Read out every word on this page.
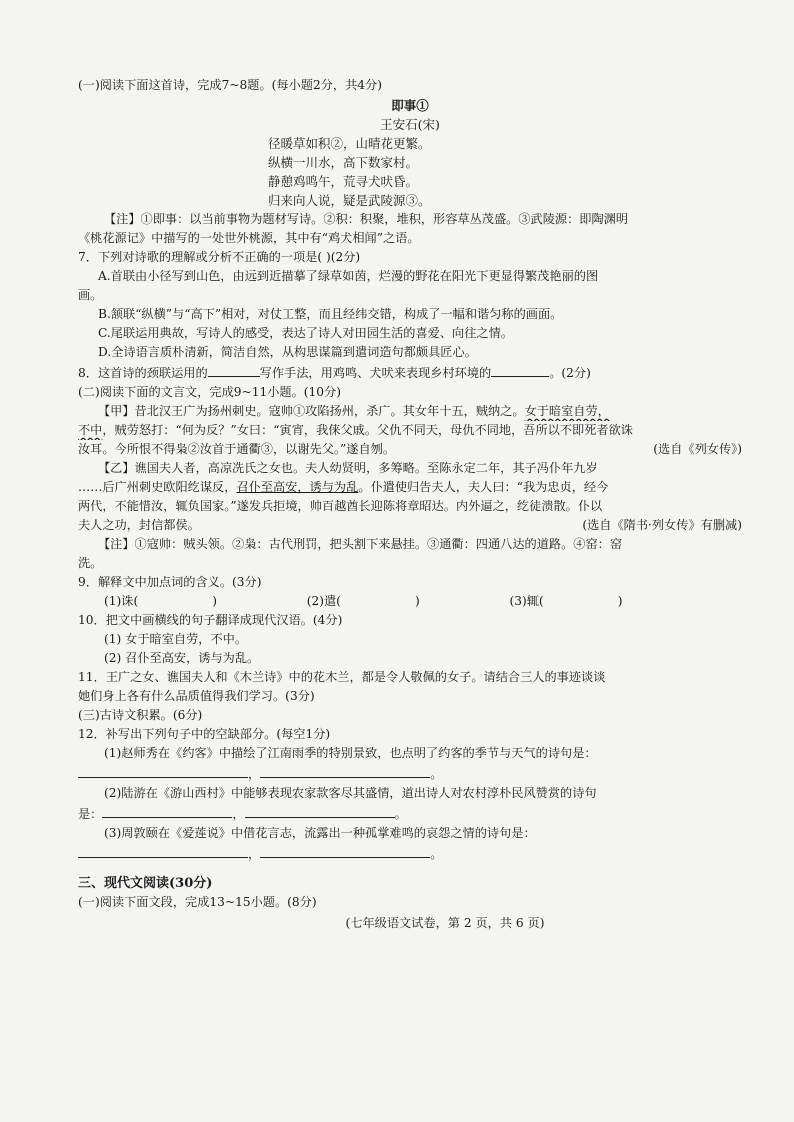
(一)阅读下面这首诗，完成7~8题。(每小题2分，共4分)
即事①
王安石(宋)
径暖草如积②，山晴花更繁。
纵横一川水，高下数家村。
静憩鸡鸣午，荒寻犬吠昏。
归来向人说，疑是武陵源③。
【注】①即事：以当前事物为题材写诗。②积：积聚，堆积，形容草丛茂盛。③武陵源：即陶渊明
《桃花源记》中描写的一处世外桃源，其中有“鸡犬相闻”之语。
7．下列对诗歌的理解或分析不正确的一项是( )(2分)
A.首联由小径写到山色，由远到近描摹了绿草如茵，烂漫的野花在阳光下更显得繁茂艳丽的图
画。
B.颔联“纵横”与“高下”相对，对仗工整，而且经纬交错，构成了一幅和谐匀称的画面。
C.尾联运用典故，写诗人的感受，表达了诗人对田园生活的喜爱、向往之情。
D.全诗语言质朴清新，简洁自然，从构思谋篇到遣词造句都颇具匠心。
8．这首诗的颈联运用的	写作手法，用鸡鸣、犬吠来表现乡村环境的	。(2分)
(二)阅读下面的文言文，完成9~11小题。(10分)
【甲】昔北汉王广为扬州刺史。寇帅①攻陷扬州，杀广。其女年十五，贼纳之。女于暗室自劳，
不中，贼劳怒打：“何为反？”女曰：“寅宵，我俫父戚。父仇不同天，母仇不同地，吾所以不即死者欲诛
汝耳。今所恨不得枭②汝首于通衢③，以谢先父。”遂自刎。	(选自《列女传》)
【乙】谯国夫人者，高凉冼氏之女也。夫人幼贤明，多筹略。至陈永定二年，其子冯仆年九岁
……后广州刺史欧阳纥谋反，召仆至高安，诱与为乱。仆遣使归告夫人，夫人曰：“我为忠贞，经今
两代，不能惜汝，辄负国家。”遂发兵拒境，帅百越酋长迎陈将章昭达。内外逼之，纥徒溃散。仆以
夫人之功，封信都侯。	(选自《隋书·列女传》有删减)
【注】①寇帅：贼头领。②枭：古代刑罚，把头割下来悬挂。③通衢：四通八达的道路。④窑：窑
洗。
9．解释文中加点词的含义。(3分)
(1)诛(	)	(2)遣(	)	(3)辄(	)
10．把文中画横线的句子翻译成现代汉语。(4分)
(1) 女于暗室自劳，不中。
(2) 召仆至高安，诱与为乱。
11．王广之女、谯国夫人和《木兰诗》中的花木兰，都是令人敬佩的女子。请结合三人的事迹谈谈
她们身上各有什么品质值得我们学习。(3分)
(三)古诗文积累。(6分)
12．补写出下列句子中的空缺部分。(每空1分)
(1)赵师秀在《约客》中描绘了江南雨季的特别景致，也点明了约客的季节与天气的诗句是：
，	。
(2)陆游在《游山西村》中能够表现农家款客尽其盛情，道出诗人对农村淳朴民风赞赏的诗句
是：	，	。
(3)周敦颐在《爱莲说》中借花言志，流露出一种孤掌难鸣的哀怨之情的诗句是：
，	。
三、现代文阅读(30分)
(一)阅读下面文段，完成13~15小题。(8分)
(七年级语文试卷，第 2 页，共 6 页)
